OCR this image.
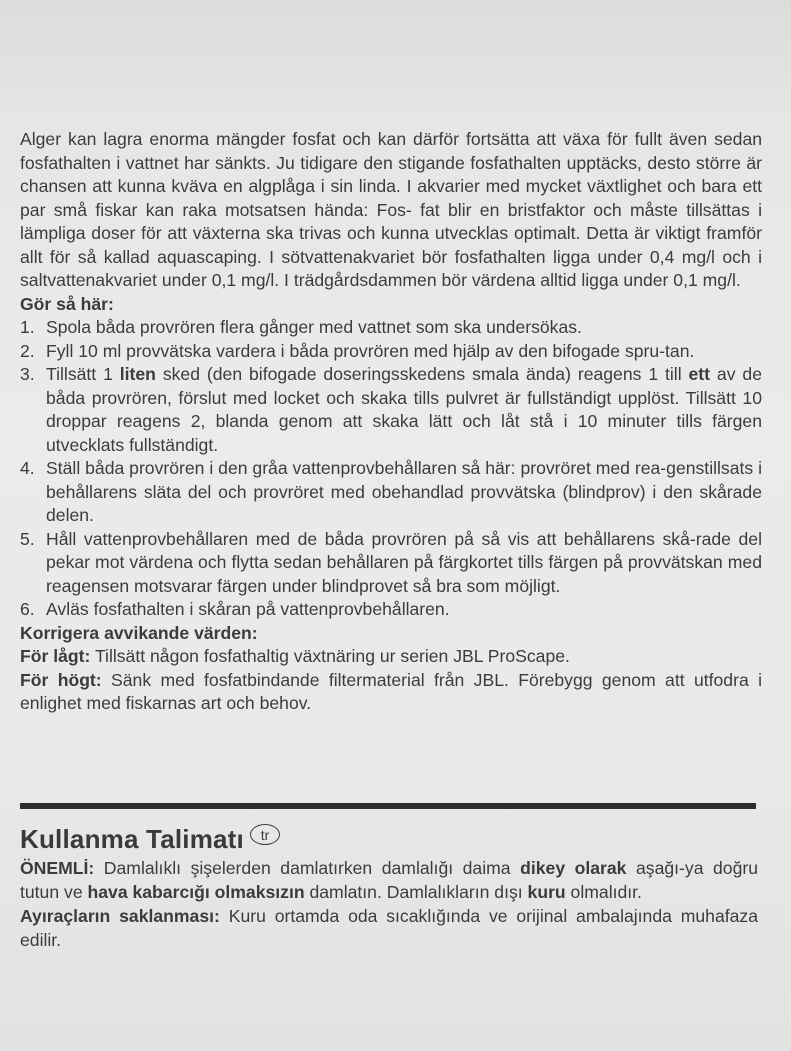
Alger kan lagra enorma mängder fosfat och kan därför fortsätta att växa för fullt även sedan fosfathalten i vattnet har sänkts. Ju tidigare den stigande fosfathalten upptäcks, desto större är chansen att kunna kväva en algplåga i sin linda. I akvarier med mycket växtlighet och bara ett par små fiskar kan raka motsatsen hända: Fos- fat blir en bristfaktor och måste tillsättas i lämpliga doser för att växterna ska trivas och kunna utvecklas optimalt. Detta är viktigt framför allt för så kallad aquascaping. I sötvattenakvariet bör fosfathalten ligga under 0,4 mg/l och i saltvattenakvariet under 0,1 mg/l. I trädgårdsdammen bör värdena alltid ligga under 0,1 mg/l.

Gör så här:

1. Spola båda provrören flera gånger med vattnet som ska undersökas.
2. Fyll 10 ml provvätska vardera i båda provrören med hjälp av den bifogade spru-tan.
3. Tillsätt 1 liten sked (den bifogade doseringsskedens smala ända) reagens 1 till ett av de båda provrören, förslut med locket och skaka tills pulvret är fullständigt upplöst. Tillsätt 10 droppar reagens 2, blanda genom att skaka lätt och låt stå i 10 minuter tills färgen utvecklats fullständigt.
4. Ställ båda provrören i den gråa vattenprovbehållaren så här: provröret med rea-genstillsats i behållarens släta del och provröret med obehandlad provvätska (blindprov) i den skårade delen.
5. Håll vattenprovbehållaren med de båda provrören på så vis att behållarens skå-rade del pekar mot värdena och flytta sedan behållaren på färgkortet tills färgen på provvätskan med reagensen motsvarar färgen under blindprovet så bra som möjligt.
6. Avläs fosfathalten i skåran på vattenprovbehållaren.

Korrigera avvikande värden:

För lågt: Tillsätt någon fosfathaltig växtnäring ur serien JBL ProScape.

För högt: Sänk med fosfatbindande filtermaterial från JBL. Förebygg genom att utfodra i enlighet med fiskarnas art och behov.

Kullanma Talimatı	tr

ÖNEMLİ: Damlalıklı şişelerden damlatırken damlalığı daima dikey olarak aşağı-ya doğru tutun ve hava kabarcığı olmaksızın damlatın. Damlalıkların dışı kuru olmalıdır.

Ayıraçların saklanması: Kuru ortamda oda sıcaklığında ve orijinal ambalajında muhafaza edilir.
